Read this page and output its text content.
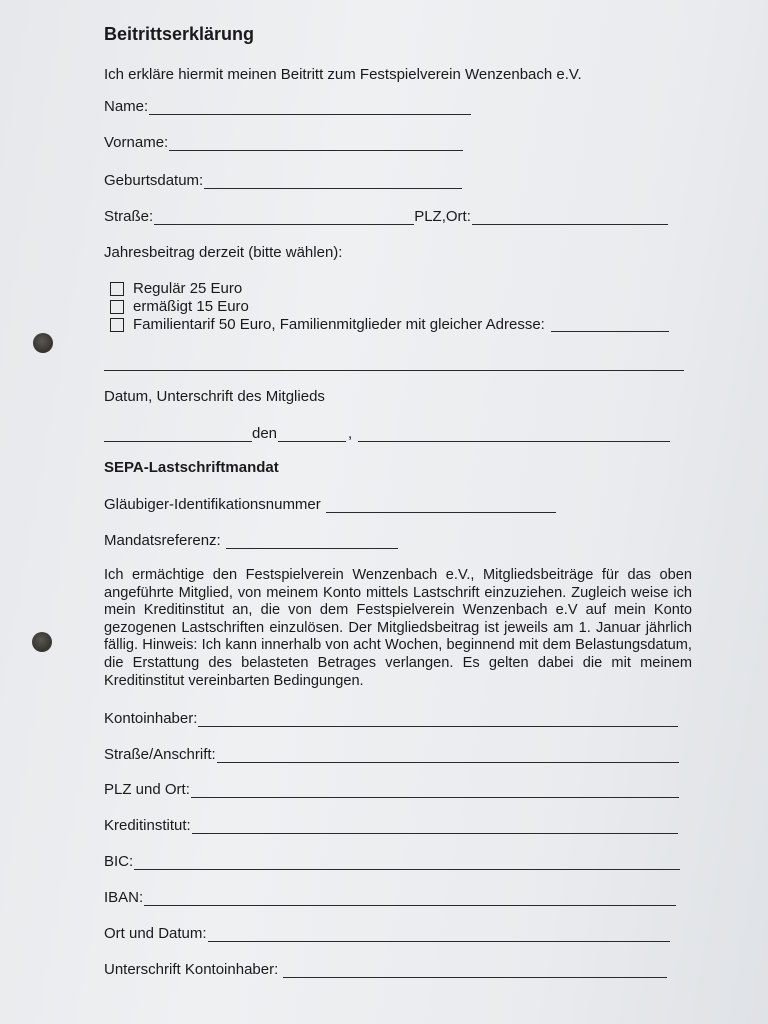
Beitrittserklärung
Ich erkläre hiermit meinen Beitritt zum Festspielverein Wenzenbach e.V.
Name:
Vorname:
Geburtsdatum:
Straße:	PLZ,Ort:
Jahresbeitrag derzeit (bitte wählen):
Regulär 25 Euro
ermäßigt 15 Euro
Familientarif 50 Euro, Familienmitglieder mit gleicher Adresse:
Datum, Unterschrift des Mitglieds
den	,
SEPA-Lastschriftmandat
Gläubiger-Identifikationsnummer
Mandatsreferenz:
Ich ermächtige den Festspielverein Wenzenbach e.V., Mitgliedsbeiträge für das oben angeführte Mitglied, von meinem Konto mittels Lastschrift einzuziehen. Zugleich weise ich mein Kreditinstitut an, die von dem Festspielverein Wenzenbach e.V auf mein Konto gezogenen Lastschriften einzulösen. Der Mitgliedsbeitrag ist jeweils am 1. Januar jährlich fällig. Hinweis: Ich kann innerhalb von acht Wochen, beginnend mit dem Belastungsdatum, die Erstattung des belasteten Betrages verlangen. Es gelten dabei die mit meinem Kreditinstitut vereinbarten Bedingungen.
Kontoinhaber:
Straße/Anschrift:
PLZ und Ort:
Kreditinstitut:
BIC:
IBAN:
Ort und Datum:
Unterschrift Kontoinhaber:
